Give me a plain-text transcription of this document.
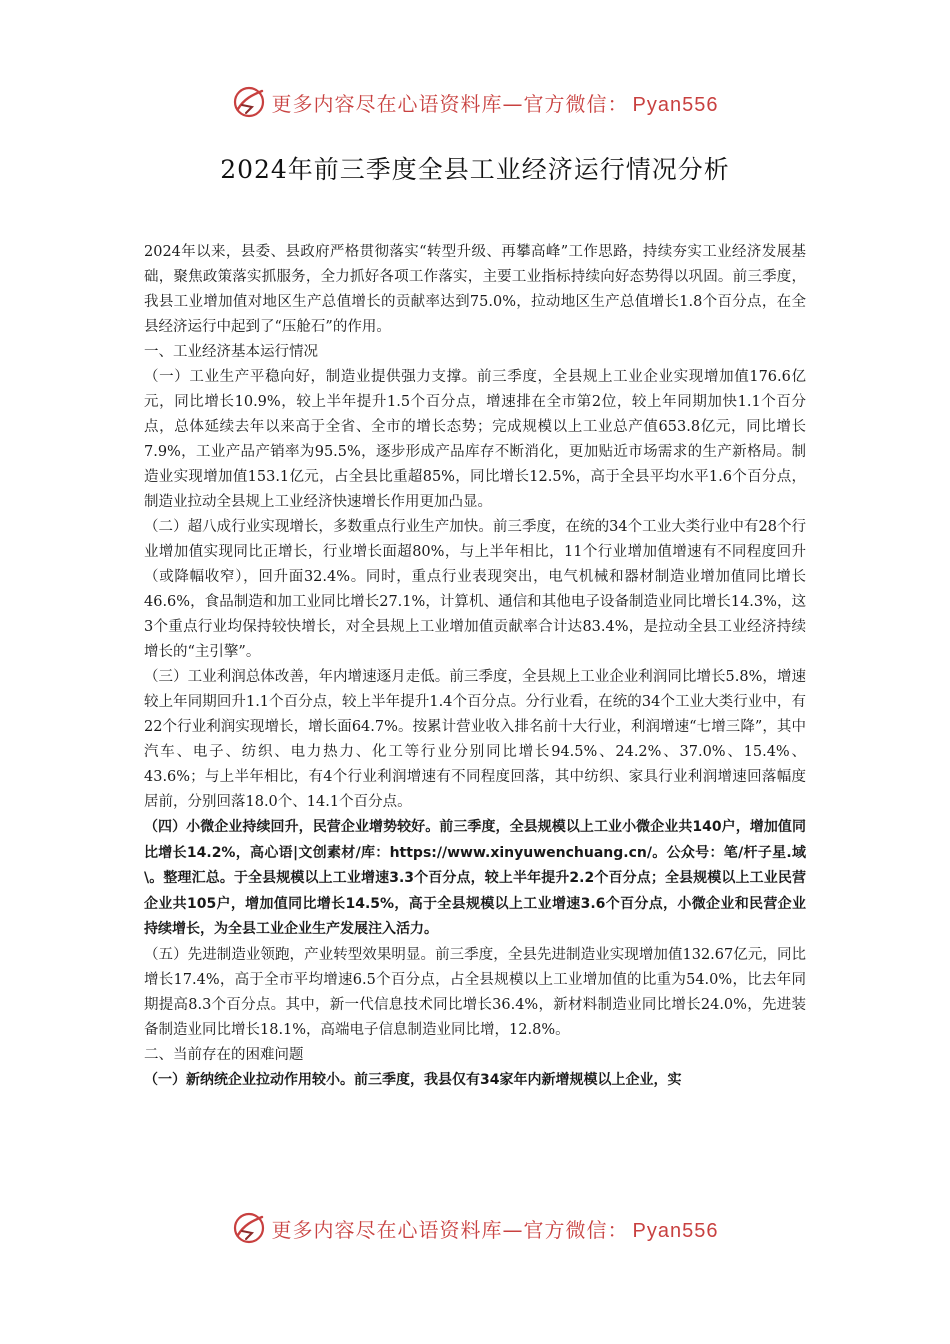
更多内容尽在心语资料库—官方微信： Pyan556
2024年前三季度全县工业经济运行情况分析

2024年以来，县委、县政府严格贯彻落实“转型升级、再攀高峰”工作思路，持续夯实工业经济发展基础，聚焦政策落实抓服务，全力抓好各项工作落实，主要工业指标持续向好态势得以巩固。前三季度，我县工业增加值对地区生产总值增长的贡献率达到75.0%，拉动地区生产总值增长1.8个百分点，在全县经济运行中起到了“压舱石”的作用。

一、工业经济基本运行情况

（一）工业生产平稳向好，制造业提供强力支撑。前三季度，全县规上工业企业实现增加值176.6亿元，同比增长10.9%，较上半年提升1.5个百分点，增速排在全市第2位，较上年同期加快1.1个百分点，总体延续去年以来高于全省、全市的增长态势；完成规模以上工业总产值653.8亿元，同比增长7.9%，工业产品产销率为95.5%，逐步形成产品库存不断消化，更加贴近市场需求的生产新格局。制造业实现增加值153.1亿元，占全县比重超85%，同比增长12.5%，高于全县平均水平1.6个百分点，制造业拉动全县规上工业经济快速增长作用更加凸显。

（二）超八成行业实现增长，多数重点行业生产加快。前三季度，在统的34个工业大类行业中有28个行业增加值实现同比正增长，行业增长面超80%，与上半年相比，11个行业增加值增速有不同程度回升（或降幅收窄），回升面32.4%。同时，重点行业表现突出，电气机械和器材制造业增加值同比增长46.6%，食品制造和加工业同比增长27.1%，计算机、通信和其他电子设备制造业同比增长14.3%，这3个重点行业均保持较快增长，对全县规上工业增加值贡献率合计达83.4%，是拉动全县工业经济持续增长的“主引擎”。

（三）工业利润总体改善，年内增速逐月走低。前三季度，全县规上工业企业利润同比增长5.8%，增速较上年同期回升1.1个百分点，较上半年提升1.4个百分点。分行业看，在统的34个工业大类行业中，有22个行业利润实现增长，增长面64.7%。按累计营业收入排名前十大行业，利润增速“七增三降”，其中汽车、电子、纺织、电力热力、化工等行业分别同比增长94.5%、24.2%、37.0%、15.4%、43.6%；与上半年相比，有4个行业利润增速有不同程度回落，其中纺织、家具行业利润增速回落幅度居前，分别回落18.0个、14.1个百分点。

（四）小微企业持续回升，民营企业增势较好。前三季度，全县规模以上工业小微企业共140户，增加值同比增长14.2%，高心语|文创素材/库：https://www.xinyuwenchuang.cn/。公众号：笔/杆子星.域\。整理汇总。于全县规模以上工业增速3.3个百分点，较上半年提升2.2个百分点；全县规模以上工业民营企业共105户，增加值同比增长14.5%，高于全县规模以上工业增速3.6个百分点，小微企业和民营企业持续增长，为全县工业企业生产发展注入活力。

（五）先进制造业领跑，产业转型效果明显。前三季度，全县先进制造业实现增加值132.67亿元，同比增长17.4%，高于全市平均增速6.5个百分点，占全县规模以上工业增加值的比重为54.0%，比去年同期提高8.3个百分点。其中，新一代信息技术同比增长36.4%，新材料制造业同比增长24.0%，先进装备制造业同比增长18.1%，高端电子信息制造业同比增，12.8%。

二、当前存在的困难问题

（一）新纳统企业拉动作用较小。前三季度，我县仅有34家年内新增规模以上企业，实

更多内容尽在心语资料库—官方微信： Pyan556
